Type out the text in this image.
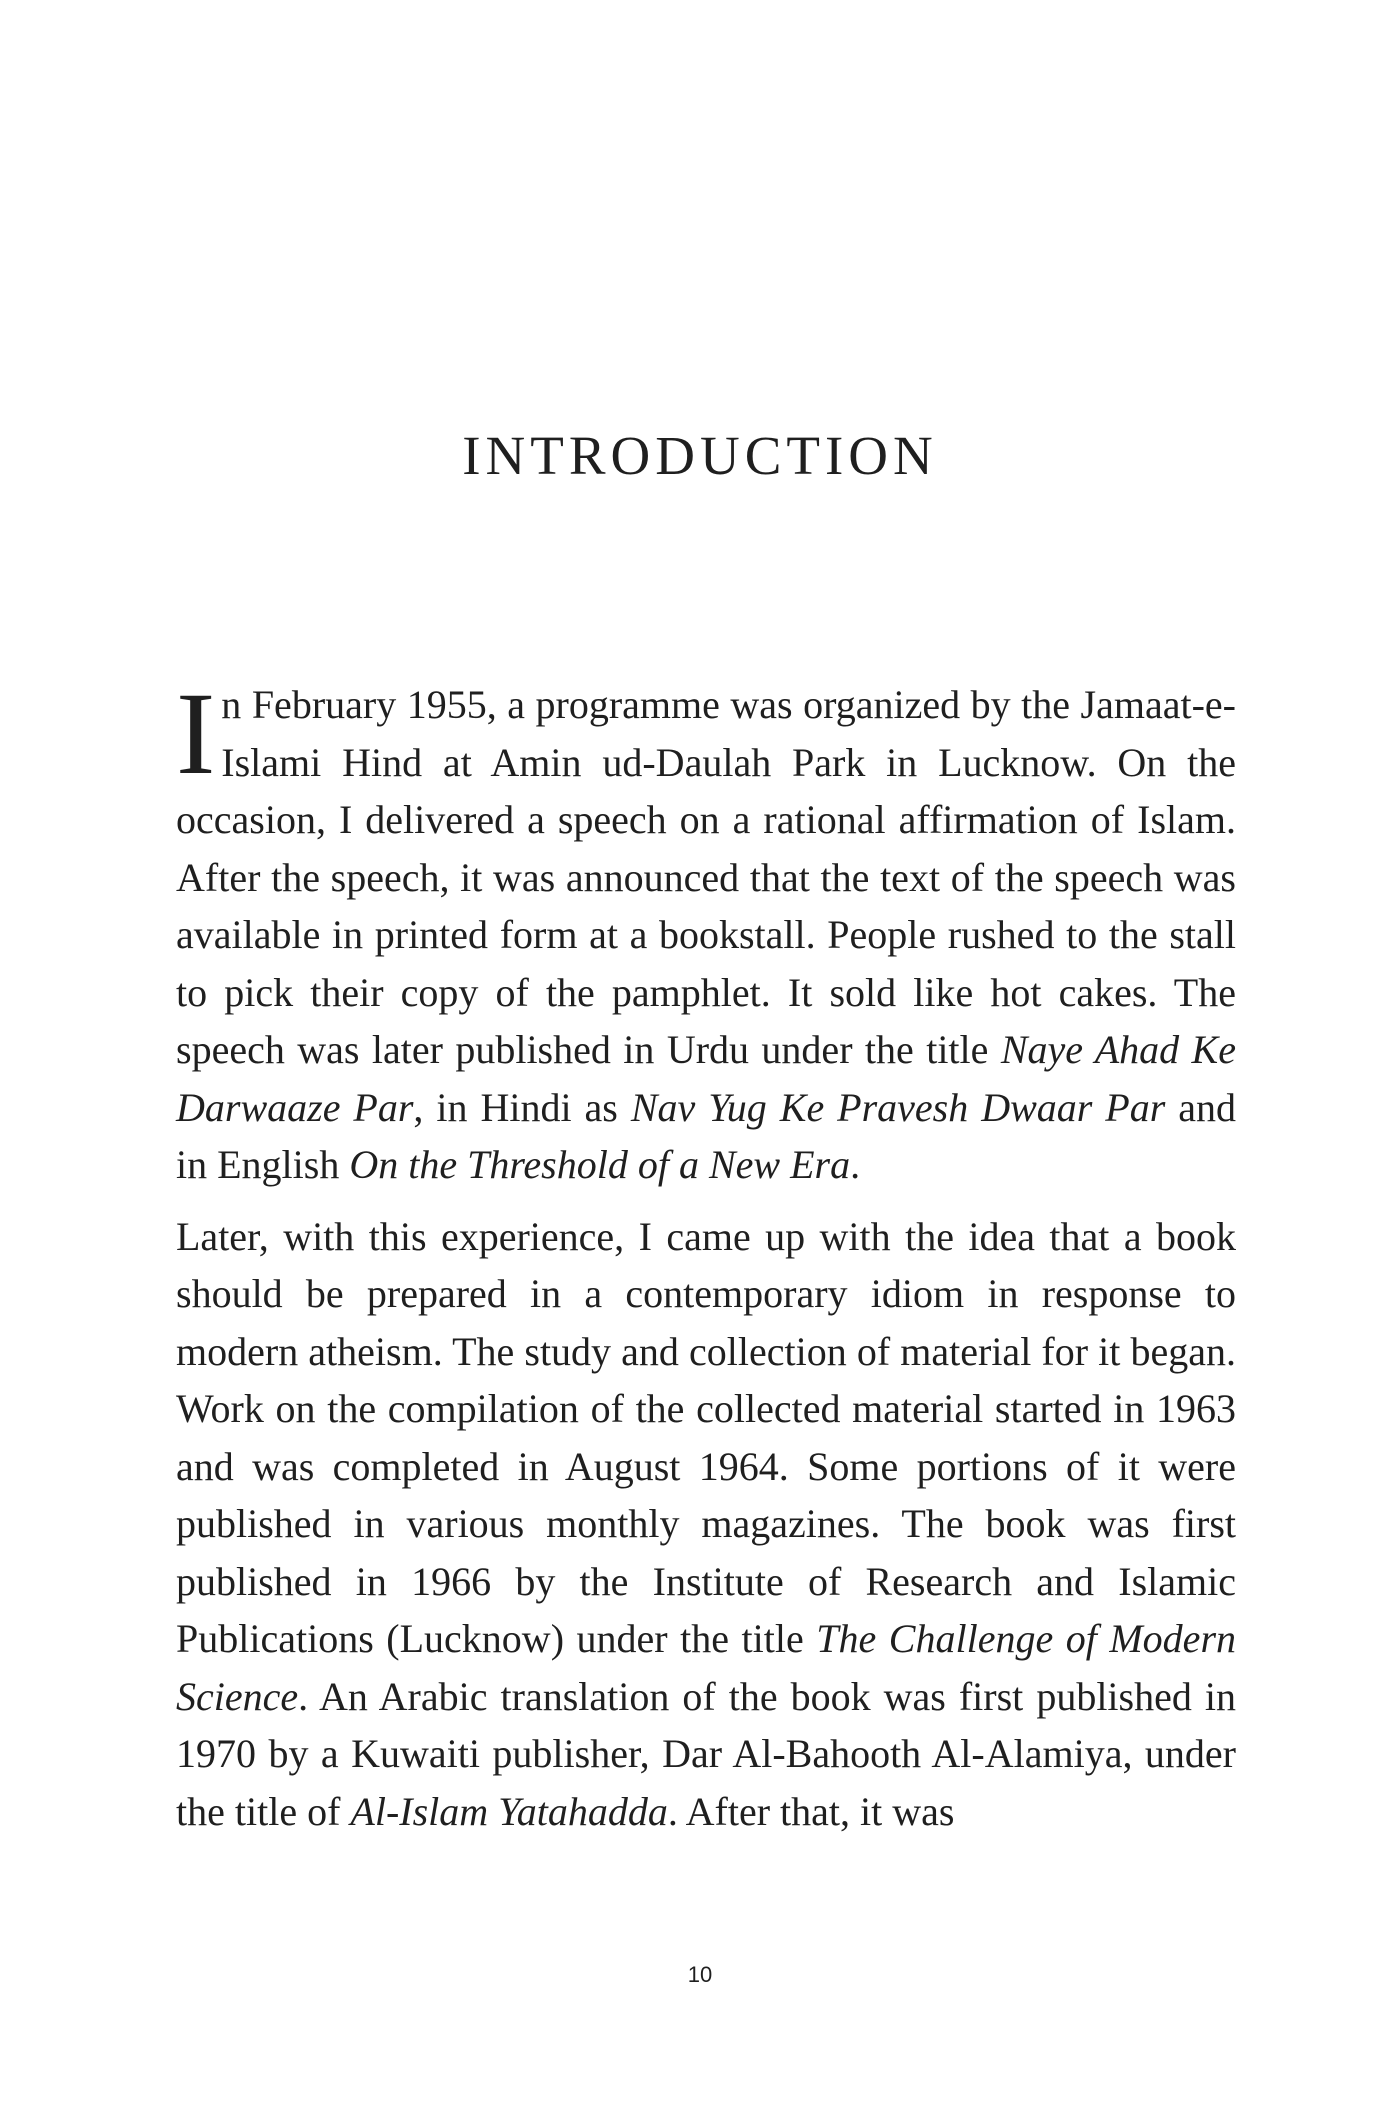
INTRODUCTION

In February 1955, a programme was organized by the Jamaat-e-Islami Hind at Amin ud-Daulah Park in Lucknow. On the occasion, I delivered a speech on a rational affirmation of Islam. After the speech, it was announced that the text of the speech was available in printed form at a bookstall. People rushed to the stall to pick their copy of the pamphlet. It sold like hot cakes. The speech was later published in Urdu under the title Naye Ahad Ke Darwaaze Par, in Hindi as Nav Yug Ke Pravesh Dwaar Par and in English On the Threshold of a New Era.

Later, with this experience, I came up with the idea that a book should be prepared in a contemporary idiom in response to modern atheism. The study and collection of material for it began. Work on the compilation of the collected material started in 1963 and was completed in August 1964. Some portions of it were published in various monthly magazines. The book was first published in 1966 by the Institute of Research and Islamic Publications (Lucknow) under the title The Challenge of Modern Science. An Arabic translation of the book was first published in 1970 by a Kuwaiti publisher, Dar Al-Bahooth Al-Alamiya, under the title of Al-Islam Yatahadda. After that, it was

10
